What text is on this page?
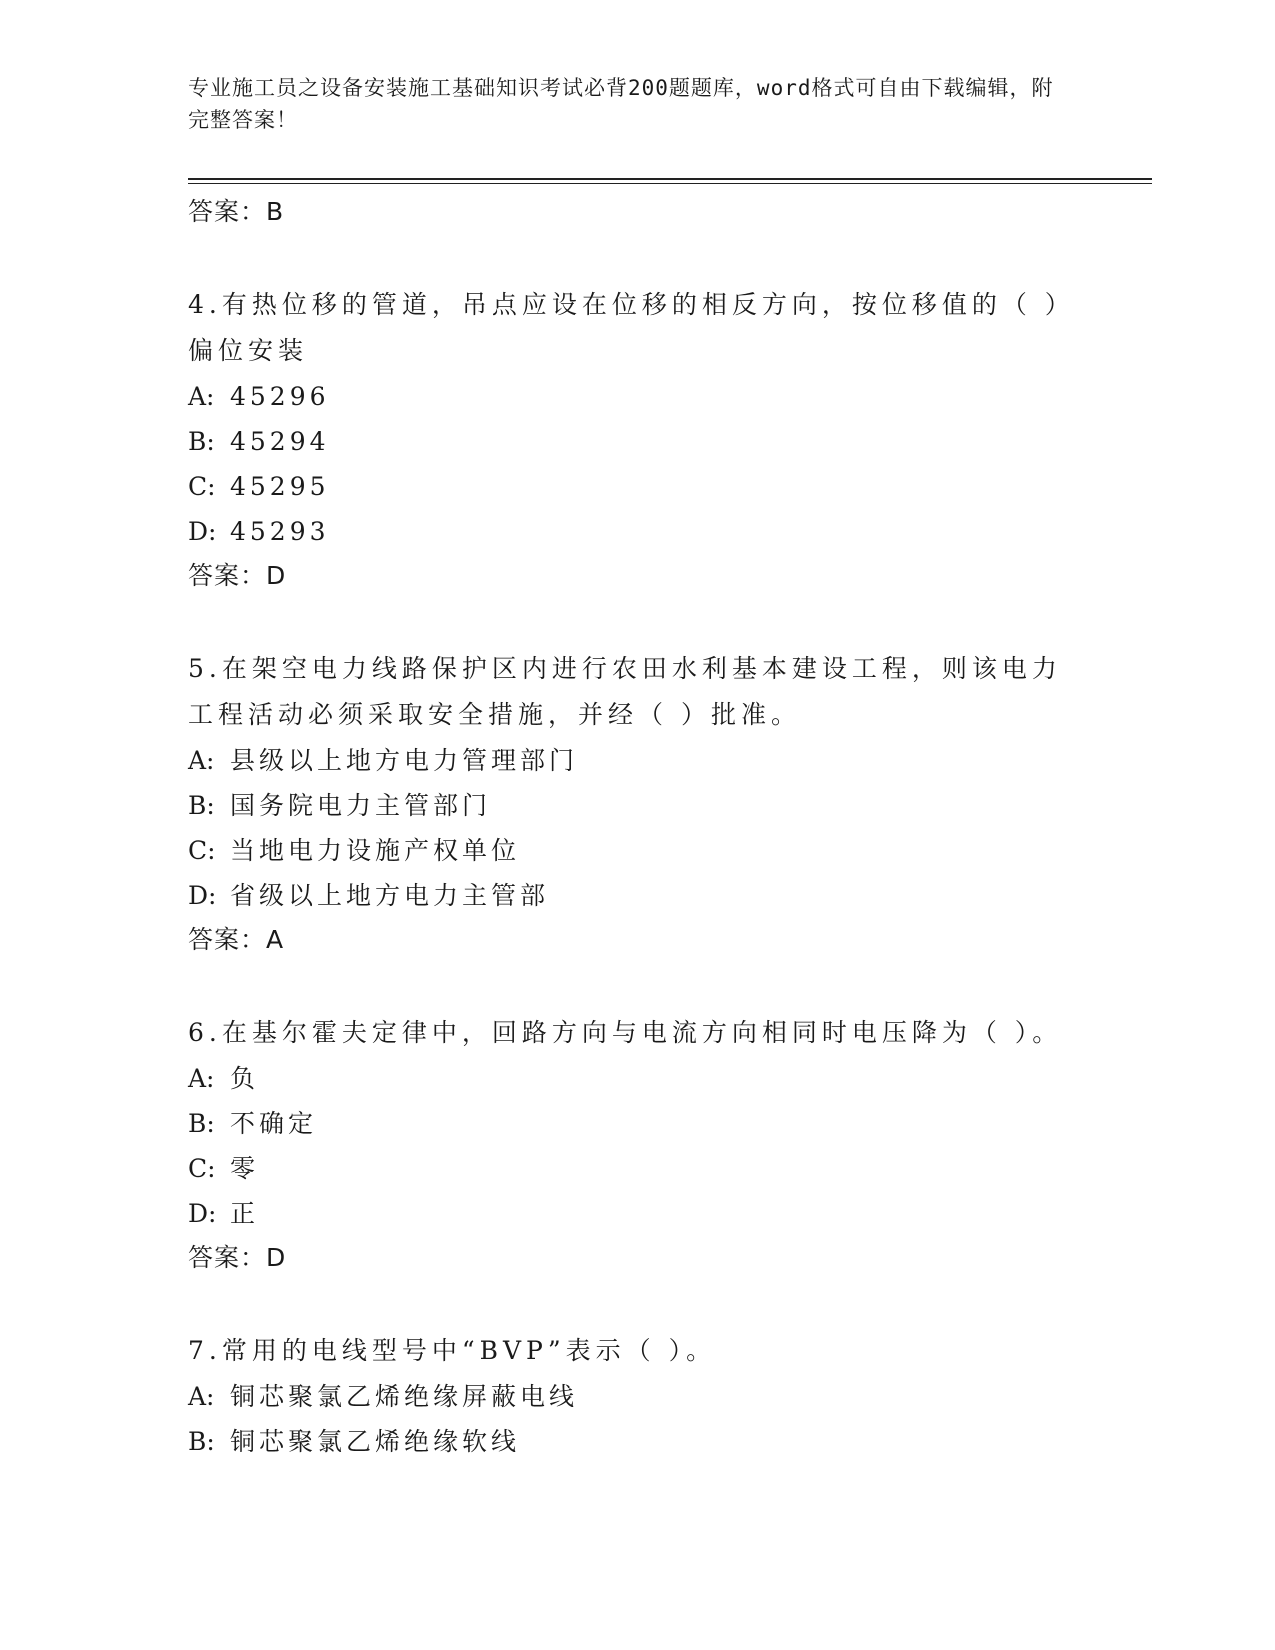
专业施工员之设备安装施工基础知识考试必背200题题库，word格式可自由下载编辑，附完整答案！

答案：B

4.有热位移的管道，吊点应设在位移的相反方向，按位移值的（ ）偏位安装

A: 45296

B: 45294

C: 45295

D: 45293

答案：D

5.在架空电力线路保护区内进行农田水利基本建设工程，则该电力工程活动必须采取安全措施，并经（ ）批准。

A: 县级以上地方电力管理部门

B: 国务院电力主管部门

C: 当地电力设施产权单位

D: 省级以上地方电力主管部

答案：A

6.在基尔霍夫定律中，回路方向与电流方向相同时电压降为（ ）。

A: 负

B: 不确定

C: 零

D: 正

答案：D

7.常用的电线型号中“BVP”表示（ ）。

A: 铜芯聚氯乙烯绝缘屏蔽电线

B: 铜芯聚氯乙烯绝缘软线
